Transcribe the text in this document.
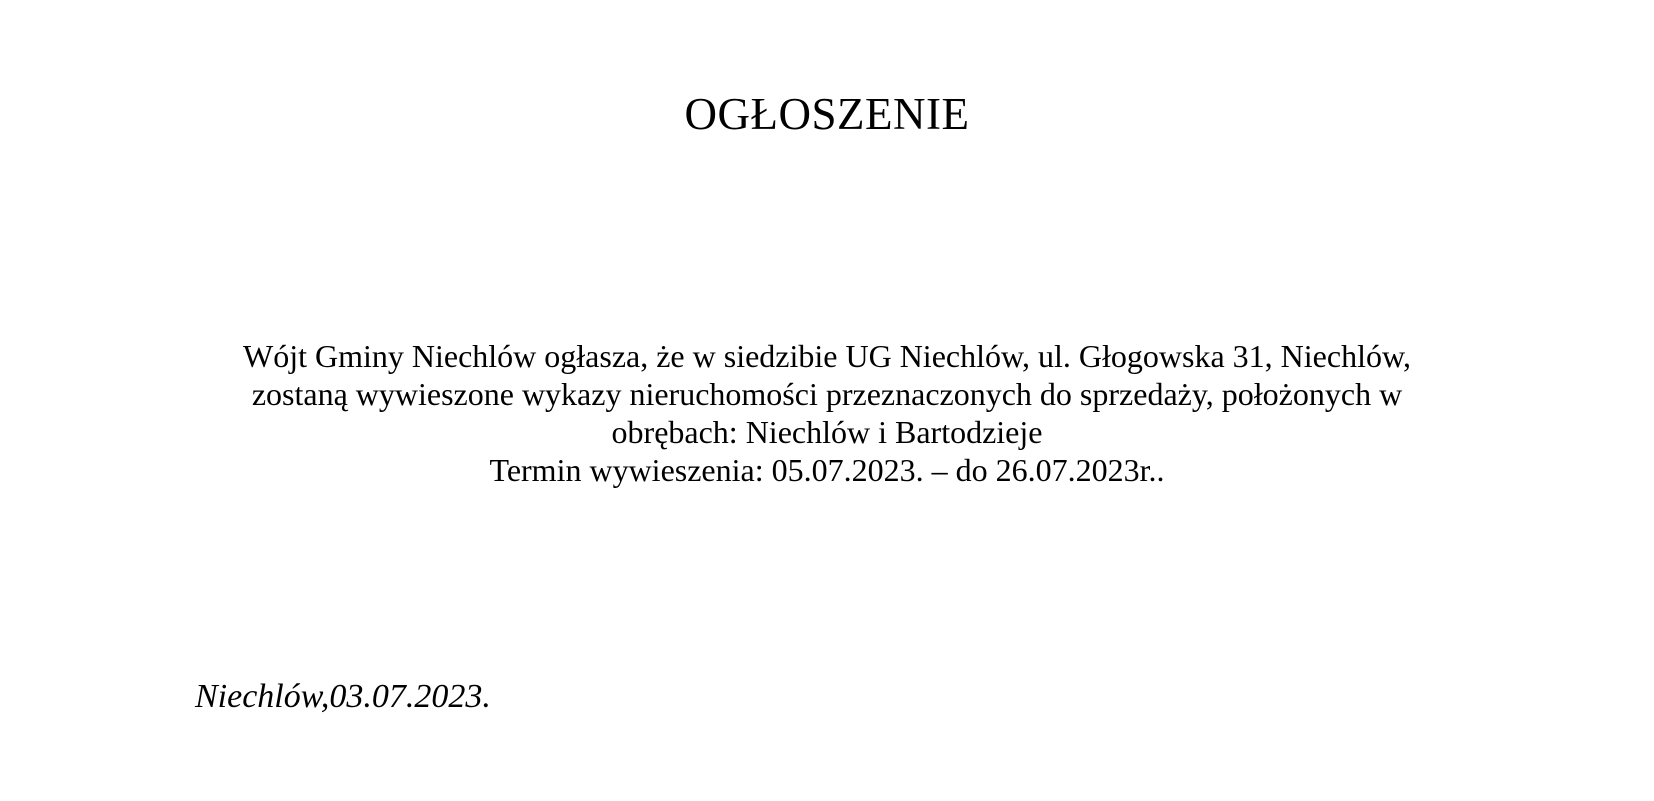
OGŁOSZENIE
Wójt Gminy Niechlów ogłasza, że w siedzibie UG Niechlów, ul. Głogowska 31, Niechlów,
zostaną wywieszone wykazy nieruchomości przeznaczonych do sprzedaży, położonych w
obrębach: Niechlów i Bartodzieje
Termin wywieszenia: 05.07.2023. – do 26.07.2023r..
Niechlów,03.07.2023.
